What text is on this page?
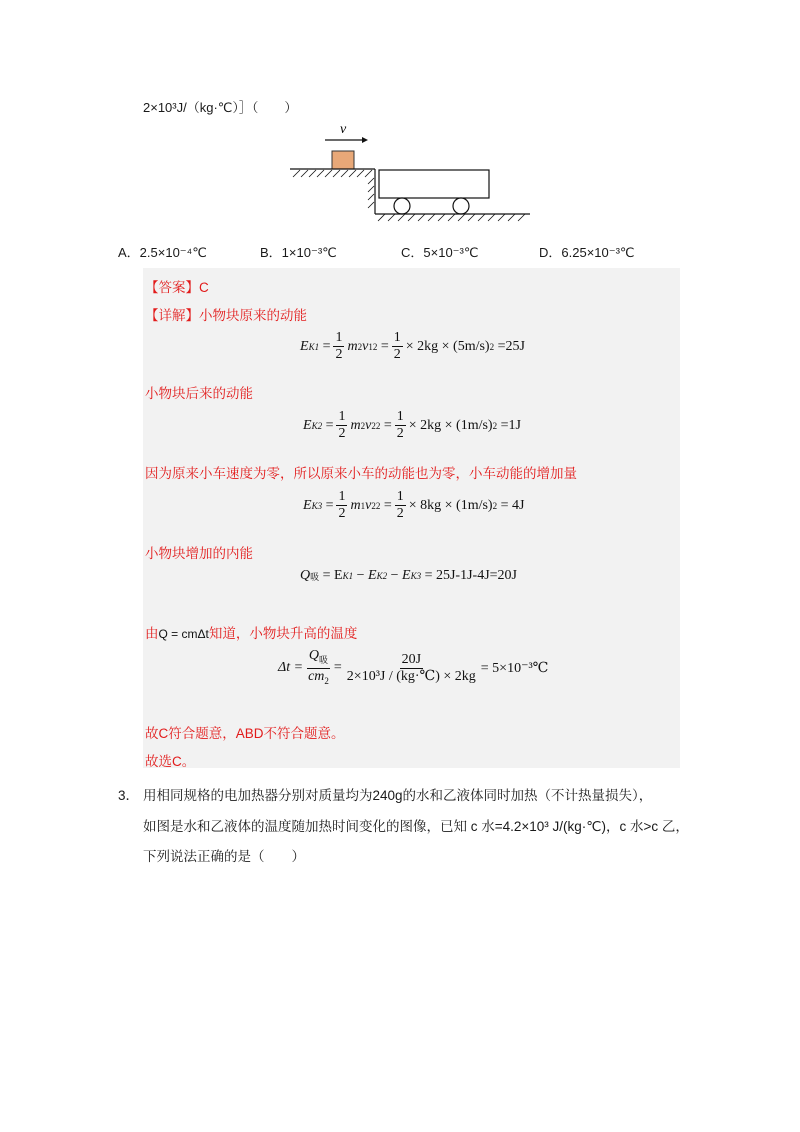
2×10³J/（kg·℃）］（　　）
v
A．2.5×10⁻⁴℃	B．1×10⁻³℃	C．5×10⁻³℃	D．6.25×10⁻³℃
【答案】C
【详解】小物块原来的动能
E $K1 = \frac{1}{2}$ m 2 v 1 $2 = \frac{1}{2} \times 2kg \times (5m/s)$ 2
=25J
小物块后来的动能
E $K2 = \frac{1}{2}$ m 2 v 2 $2 = \frac{1}{2} \times 2kg \times (1m/s)$ 2
=1J
因为原来小车速度为零，所以原来小车的动能也为零，小车动能的增加量
E $K3 = \frac{1}{2}$ m 1 v 2 $2 = \frac{1}{2} \times 8kg \times (1m/s)$ 2
= 4J
小物块增加的内能
Q 吸
= E K1 − E K2 − E K3
= 25J-1J-4J=20J
由Q = cmΔt知道，小物块升高的温度
$\Delta t = \frac{Q_吸}{cm_2} = \frac{20J}{\text{2×10³J / (kg·℃) × 2kg}}$ = 5×10⁻³℃
故C符合题意，ABD不符合题意。
故选C。
3． 用相同规格的电加热器分别对质量均为240g的水和乙液体同时加热（不计热量损失），
如图是水和乙液体的温度随加热时间变化的图像，已知 c 水=4.2×10³ J/(kg·℃)，c 水>c 乙，
下列说法正确的是（　　）
